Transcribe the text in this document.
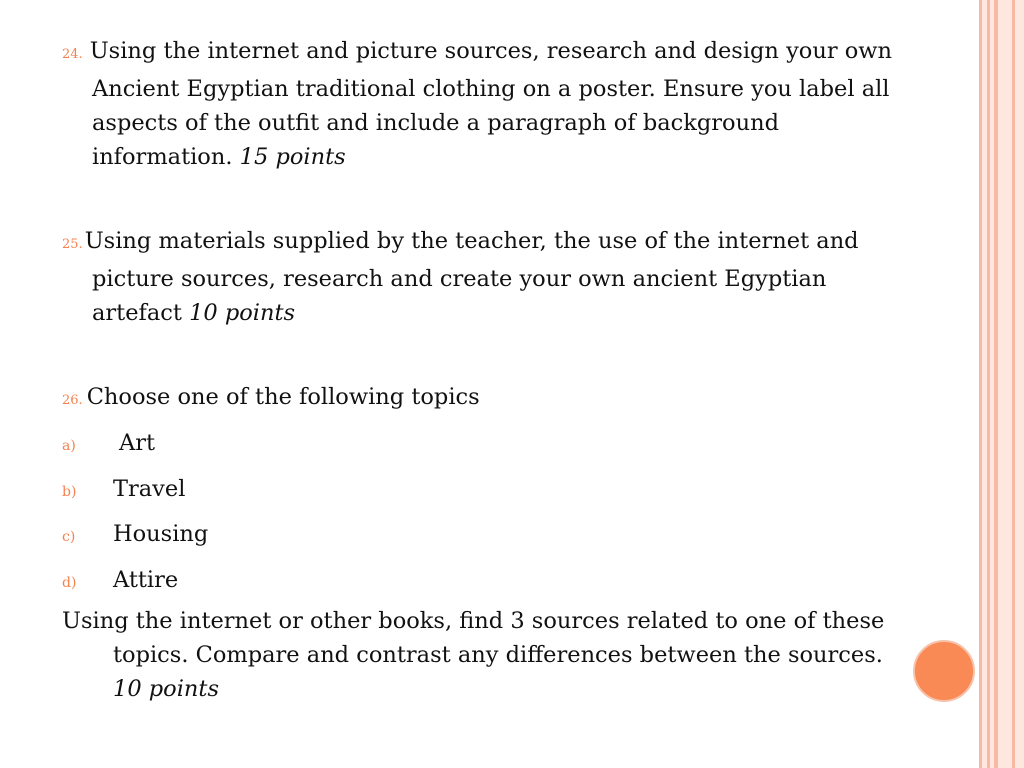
24. Using the internet and picture sources, research and design your own Ancient Egyptian traditional clothing on a poster. Ensure you label all aspects of the outfit and include a paragraph of background information. 15 points

25.Using materials supplied by the teacher, the use of the internet and picture sources, research and create your own ancient Egyptian artefact 10 points

26. Choose one of the following topics

a)	Art
b)	Travel
c)	Housing
d)	Attire

Using the internet or other books, find 3 sources related to one of these topics. Compare and contrast any differences between the sources. 10 points
